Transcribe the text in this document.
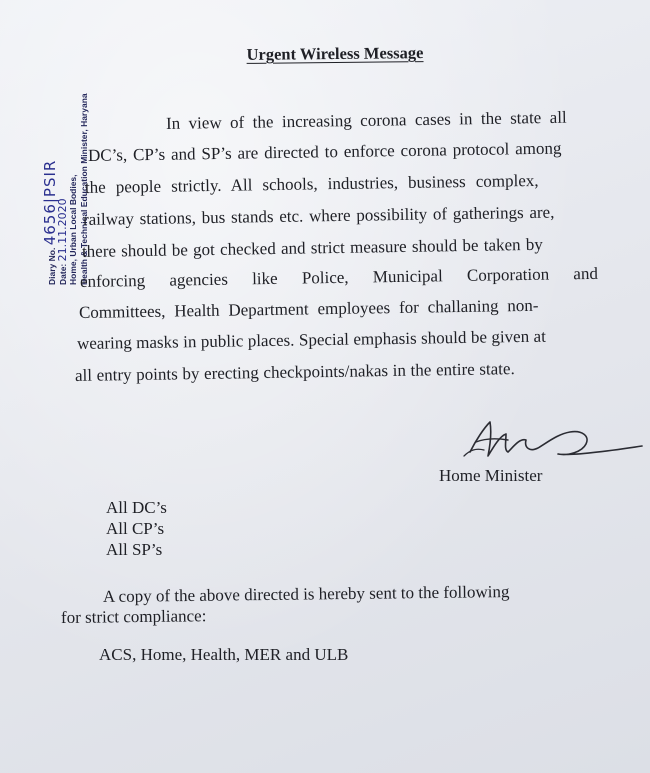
Urgent Wireless Message
Diary No. 4656|PSIR
Date: 21.11.2020 Home, Urban Local Bodies, Health & Technical Education Minister, Haryana	In view of the increasing corona cases in the state all
DC’s, CP’s and SP’s are directed to enforce corona protocol among
the people strictly. All schools, industries, business complex,
railway stations, bus stands etc. where possibility of gatherings are,
there should be got checked and strict measure should be taken by
enforcing agencies like Police, Municipal Corporation and
Committees, Health Department employees for challaning non-
wearing masks in public places. Special emphasis should be given at
all entry points by erecting checkpoints/nakas in the entire state.
Home Minister
All DC’s
All CP’s
All SP’s
A copy of the above directed is hereby sent to the following
for strict compliance:
ACS, Home, Health, MER and ULB
